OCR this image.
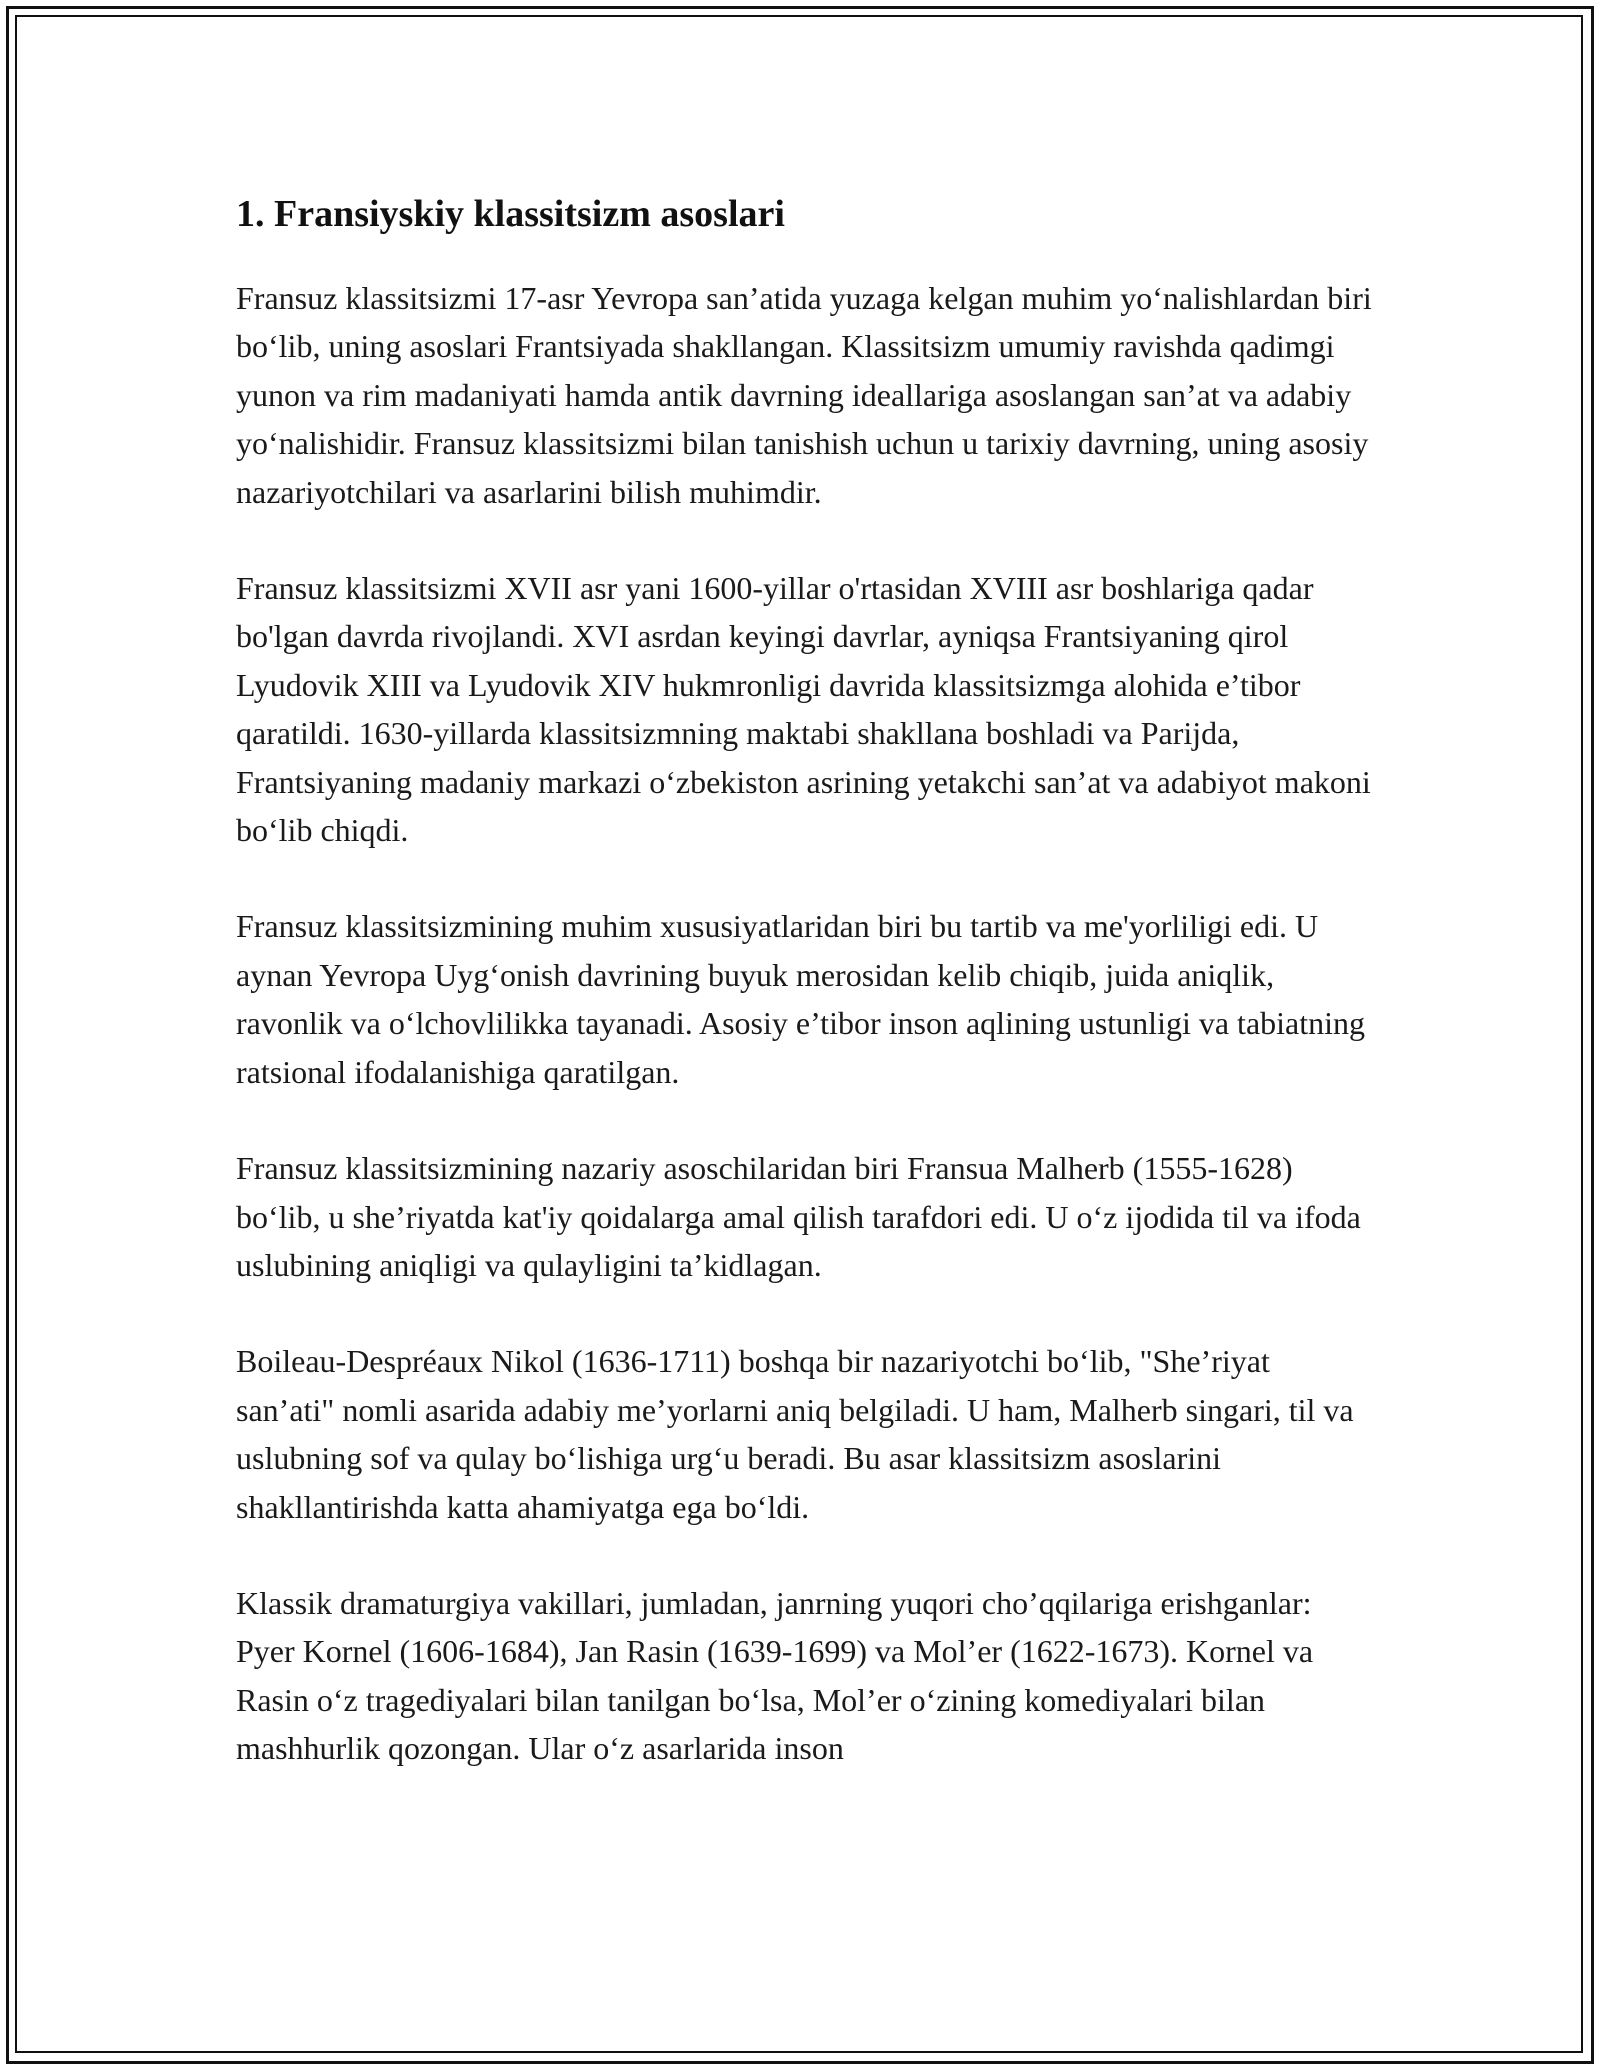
1. Fransiyskiy klassitsizm asoslari

Fransuz klassitsizmi 17-asr Yevropa san’atida yuzaga kelgan muhim yo‘nalishlardan biri bo‘lib, uning asoslari Frantsiyada shakllangan. Klassitsizm umumiy ravishda qadimgi yunon va rim madaniyati hamda antik davrning ideallariga asoslangan san’at va adabiy yo‘nalishidir. Fransuz klassitsizmi bilan tanishish uchun u tarixiy davrning, uning asosiy nazariyotchilari va asarlarini bilish muhimdir.

Fransuz klassitsizmi XVII asr yani 1600-yillar o'rtasidan XVIII asr boshlariga qadar bo'lgan davrda rivojlandi. XVI asrdan keyingi davrlar, ayniqsa Frantsiyaning qirol Lyudovik XIII va Lyudovik XIV hukmronligi davrida klassitsizmga alohida e’tibor qaratildi. 1630-yillarda klassitsizmning maktabi shakllana boshladi va Parijda, Frantsiyaning madaniy markazi o‘zbekiston asrining yetakchi san’at va adabiyot makoni bo‘lib chiqdi.

Fransuz klassitsizmining muhim xususiyatlaridan biri bu tartib va me'yorliligi edi. U aynan Yevropa Uyg‘onish davrining buyuk merosidan kelib chiqib, juida aniqlik, ravonlik va o‘lchovlilikka tayanadi. Asosiy e’tibor inson aqlining ustunligi va tabiatning ratsional ifodalanishiga qaratilgan.

Fransuz klassitsizmining nazariy asoschilaridan biri Fransua Malherb (1555-1628) bo‘lib, u she’riyatda kat'iy qoidalarga amal qilish tarafdori edi. U o‘z ijodida til va ifoda uslubining aniqligi va qulayligini ta’kidlagan.

Boileau-Despréaux Nikol (1636-1711) boshqa bir nazariyotchi bo‘lib, "She’riyat san’ati" nomli asarida adabiy me’yorlarni aniq belgiladi. U ham, Malherb singari, til va uslubning sof va qulay bo‘lishiga urg‘u beradi. Bu asar klassitsizm asoslarini shakllantirishda katta ahamiyatga ega bo‘ldi.

Klassik dramaturgiya vakillari, jumladan, janrning yuqori cho’qqilariga erishganlar: Pyer Kornel (1606-1684), Jan Rasin (1639-1699) va Mol’er (1622-1673). Kornel va Rasin o‘z tragediyalari bilan tanilgan bo‘lsa, Mol’er o‘zining komediyalari bilan mashhurlik qozongan. Ular o‘z asarlarida inson
